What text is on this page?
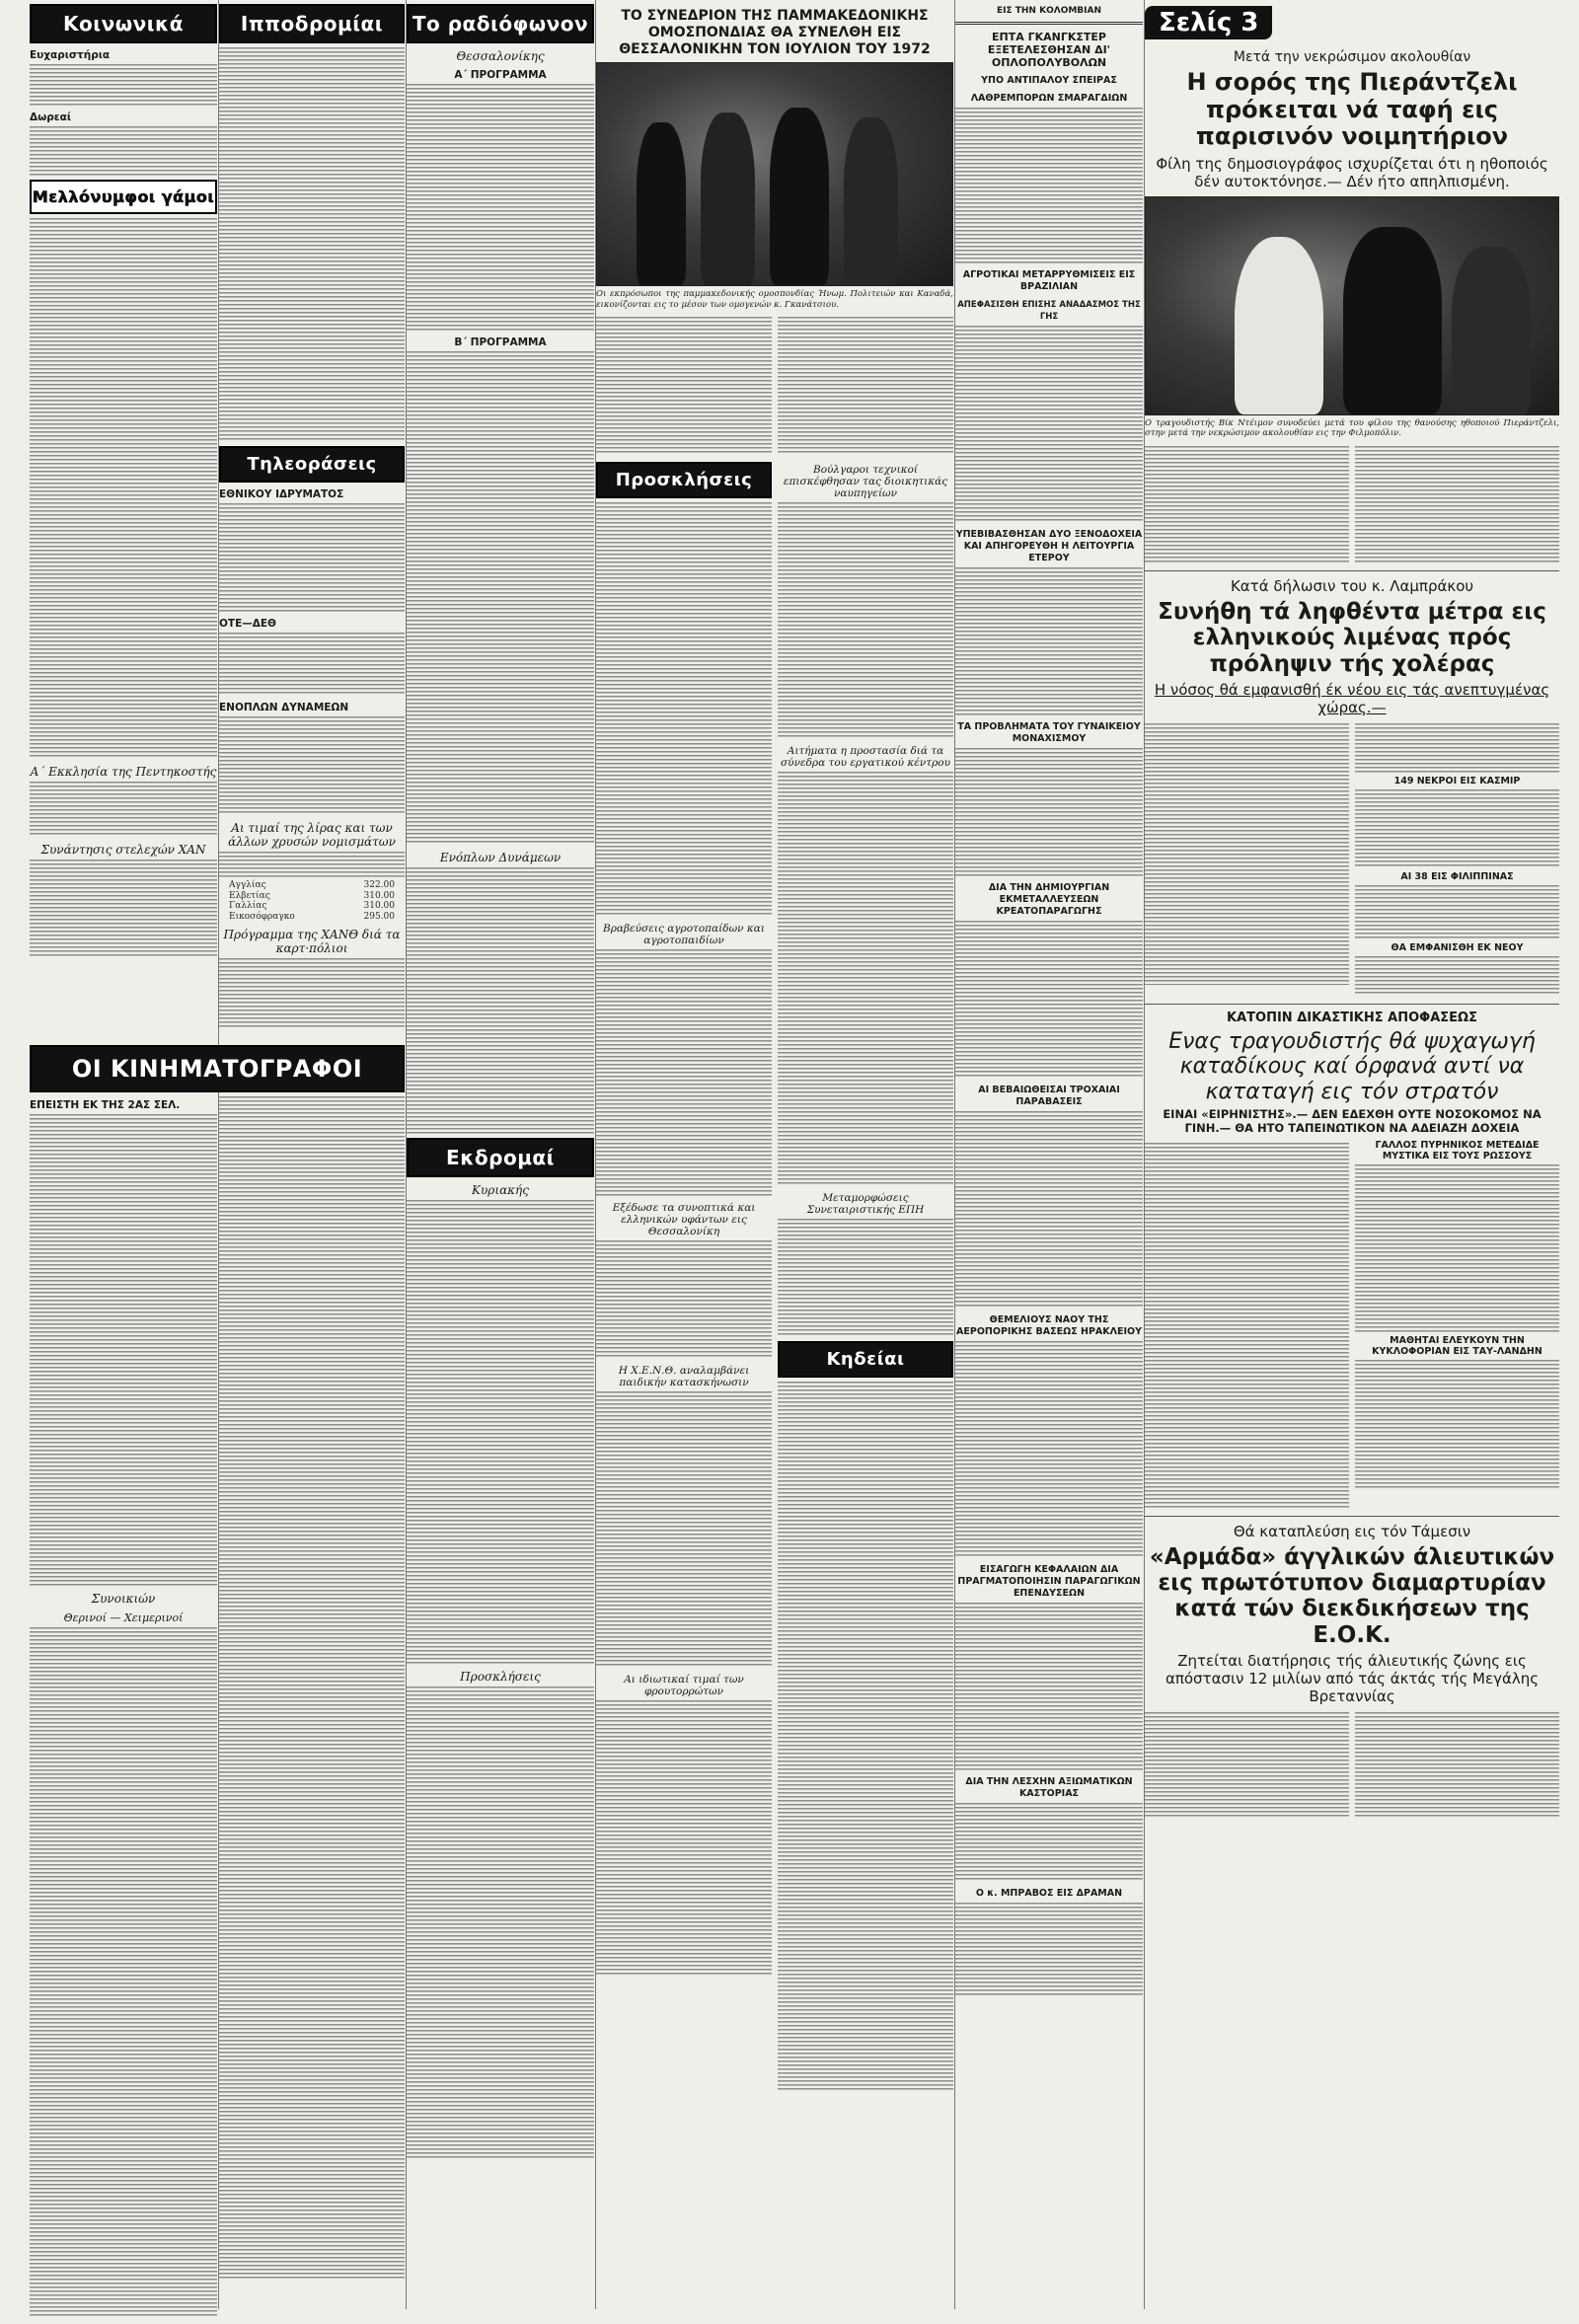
Κοινωνικά
Ευχαριστήρια
Δωρεαί
Μελλόνυμφοι γάμοι
Α΄ Εκκλησία της Πεντηκοστής
Συνάντησις στελεχών ΧΑΝ
ΟΙ ΚΙΝΗΜΑΤΟΓΡΑΦΟΙ
ΕΠΕΙΣΤΗ ΕΚ ΤΗΣ 2ΑΣ ΣΕΛ.
Συνοικιών
Θερινοί — Χειμερινοί
Ιπποδρομίαι
Τηλεοράσεις
ΕΘΝΙΚΟΥ ΙΔΡΥΜΑΤΟΣ
ΟΤΕ—ΔΕΘ
ΕΝΟΠΛΩΝ ΔΥΝΑΜΕΩΝ
Αι τιμαί της λίρας και των άλλων χρυσών νομισμάτων
Αγγλίας	322.00
Ελβετίας	310.00
Γαλλίας	310.00
Εικοσόφραγκο	295.00
Πρόγραμμα της ΧΑΝΘ διά τα καρτ·πόλιοι
Το ραδιόφωνον
Θεσσαλονίκης
Α΄ ΠΡΟΓΡΑΜΜΑ
Β΄ ΠΡΟΓΡΑΜΜΑ
Ενόπλων Δυνάμεων
Εκδρομαί
Κυριακής
Προσκλήσεις
ΤΟ ΣΥΝΕΔΡΙΟΝ ΤΗΣ ΠΑΜΜΑΚΕΔΟΝΙΚΗΣ ΟΜΟΣΠΟΝΔΙΑΣ ΘΑ ΣΥΝΕΛΘΗ ΕΙΣ ΘΕΣΣΑΛΟΝΙΚΗΝ ΤΟΝ ΙΟΥΛΙΟΝ ΤΟΥ 1972
Οι εκπρόσωποι της παμμακεδονικής ομοσπονδίας Ήνωμ. Πολιτειών και Καναδά, εικονίζονται εις το μέσον των ομογενών κ. Γκανάτσιου.
Προσκλήσεις
Βραβεύσεις αγροτοπαίδων και αγροτοπαιδίων
Εξέδωσε τα συνοπτικά και ελληνικών υφάντων εις Θεσσαλονίκη
Η Χ.Ε.Ν.Θ. αναλαμβάνει παιδικήν κατασκήνωσιν
Αι ιδιωτικαί τιμαί των φρουτορρώτων
Βούλγαροι τεχνικοί επισκέφθησαν τας διοικητικάς ναυπηγείων
Αιτήματα η προστασία διά τα σύνεδρα του εργατικού κέντρου
Μεταμορφώσεις Συνεταιριστικής ΕΠΗ
Κηδείαι
ΕΙΣ ΤΗΝ ΚΟΛΟΜΒΙΑΝ
ΕΠΤΑ ΓΚΑΝΓΚΣΤΕΡ ΕΞΕΤΕΛΕΣΘΗΣΑΝ ΔΙ' ΟΠΛΟΠΟΛΥΒΟΛΩΝ
ΥΠΟ ΑΝΤΙΠΑΛΟΥ ΣΠΕΙΡΑΣ
ΛΑΘΡΕΜΠΟΡΩΝ ΣΜΑΡΑΓΔΙΩΝ
ΑΓΡΟΤΙΚΑΙ ΜΕΤΑΡΡΥΘΜΙΣΕΙΣ ΕΙΣ ΒΡΑΖΙΛΙΑΝ
ΑΠΕΦΑΣΙΣΘΗ ΕΠΙΣΗΣ ΑΝΑΔΑΣΜΟΣ ΤΗΣ ΓΗΣ
ΥΠΕΒΙΒΑΣΘΗΣΑΝ ΔΥΟ ΞΕΝΟΔΟΧΕΙΑ ΚΑΙ ΑΠΗΓΟΡΕΥΘΗ Η ΛΕΙΤΟΥΡΓΙΑ ΕΤΕΡΟΥ
ΤΑ ΠΡΟΒΛΗΜΑΤΑ ΤΟΥ ΓΥΝΑΙΚΕΙΟΥ ΜΟΝΑΧΙΣΜΟΥ
ΔΙΑ ΤΗΝ ΔΗΜΙΟΥΡΓΙΑΝ ΕΚΜΕΤΑΛΛΕΥΣΕΩΝ ΚΡΕΑΤΟΠΑΡΑΓΩΓΗΣ
ΑΙ ΒΕΒΑΙΩΘΕΙΣΑΙ ΤΡΟΧΑΙΑΙ ΠΑΡΑΒΑΣΕΙΣ
ΘΕΜΕΛΙΟΥΣ ΝΑΟΥ ΤΗΣ ΑΕΡΟΠΟΡΙΚΗΣ ΒΑΣΕΩΣ ΗΡΑΚΛΕΙΟΥ
ΕΙΣΑΓΩΓΗ ΚΕΦΑΛΑΙΩΝ ΔΙΑ ΠΡΑΓΜΑΤΟΠΟΙΗΣΙΝ ΠΑΡΑΓΩΓΙΚΩΝ ΕΠΕΝΔΥΣΕΩΝ
ΔΙΑ ΤΗΝ ΛΕΣΧΗΝ ΑΞΙΩΜΑΤΙΚΩΝ ΚΑΣΤΟΡΙΑΣ
Ο κ. ΜΠΡΑΒΟΣ ΕΙΣ ΔΡΑΜΑΝ
Σελίς 3
Μετά την νεκρώσιμον ακολουθίαν
Η σορός της Πιεράντζελι πρόκειται νά ταφή εις παρισινόν νοιμητήριον
Φίλη της δημοσιογράφος ισχυρίζεται ότι η ηθοποιός δέν αυτοκτόνησε.— Δέν ήτο απηλπισμένη.
Ο τραγουδιστής Βίκ Ντέιμον συνοδεύει μετά του φίλου της θανούσης ηθοποιού Πιεράντζελι, στην μετά την νεκρώσιμον ακολουθίαν εις την Φιλμοπόλιν.
Κατά δήλωσιν του κ. Λαμπράκου
Συνήθη τά ληφθέντα μέτρα εις ελληνικούς λιμένας πρός πρόληψιν τής χολέρας
Η νόσος θά εμφανισθή έκ νέου εις τάς ανεπτυγμένας χώρας.—
149 ΝΕΚΡΟΙ ΕΙΣ ΚΑΣΜΙΡ
ΑΙ 38 ΕΙΣ ΦΙΛΙΠΠΙΝΑΣ
ΘΑ ΕΜΦΑΝΙΣΘΗ ΕΚ ΝΕΟΥ
ΚΑΤΟΠΙΝ ΔΙΚΑΣΤΙΚΗΣ ΑΠΟΦΑΣΕΩΣ
Ενας τραγουδιστής θά ψυχαγωγή καταδίκους καί όρφανά αντί να καταταγή εις τόν στρατόν
ΕΙΝΑΙ «ΕΙΡΗΝΙΣΤΗΣ».— ΔΕΝ ΕΔΕΧΘΗ ΟΥΤΕ ΝΟΣΟΚΟΜΟΣ ΝΑ ΓΙΝΗ.— ΘΑ ΗΤΟ ΤΑΠΕΙΝΩΤΙΚΟΝ ΝΑ ΑΔΕΙΑΖΗ ΔΟΧΕΙΑ
ΓΑΛΛΟΣ ΠΥΡΗΝΙΚΟΣ ΜΕΤΕΔΙΔΕ ΜΥΣΤΙΚΑ ΕΙΣ ΤΟΥΣ ΡΩΣΣΟΥΣ
ΜΑΘΗΤΑΙ ΕΛΕΥΚΟΥΝ ΤΗΝ ΚΥΚΛΟΦΟΡΙΑΝ ΕΙΣ ΤΑΥ-ΛΑΝΔΗΝ
Θά καταπλεύση εις τόν Τάμεσιν
«Αρμάδα» άγγλικών άλιευτικών εις πρωτότυπον διαμαρτυρίαν κατά τών διεκδικήσεων της Ε.Ο.Κ.
Ζητείται διατήρησις τής άλιευτικής ζώνης εις απόστασιν 12 μιλίων από τάς άκτάς τής Μεγάλης Βρεταννίας
